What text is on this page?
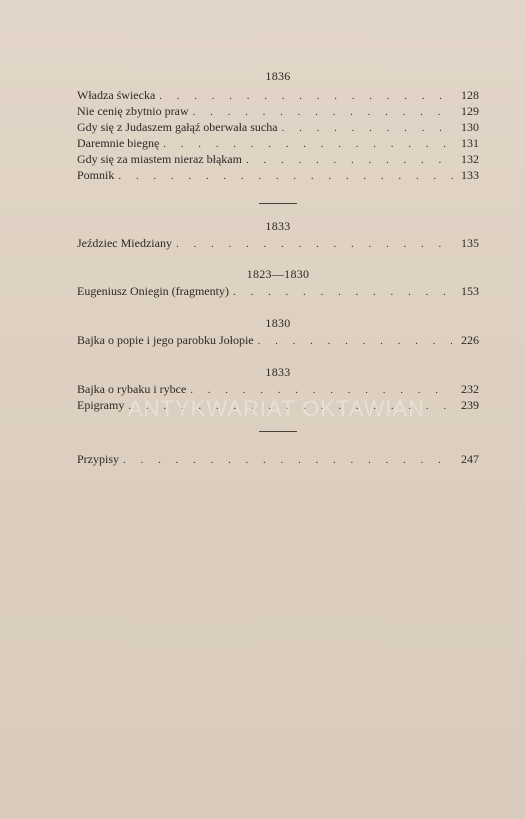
1836
Władza świecka . . .	128
Nie cenię zbytnio praw . . .	129
Gdy się z Judaszem gałąź oberwała sucha . . .	130
Daremnie biegnę . . .	131
Gdy się za miastem nieraz błąkam . . .	132
Pomnik . . .	133
1833
Jeździec Miedziany . . .	135
1823—1830
Eugeniusz Oniegin (fragmenty) . . .	153
1830
Bajka o popie i jego parobku Jołopie . . .	226
1833
Bajka o rybaku i rybce . . .	232
Epigramy . . .	239
Przypisy . . .	247
ANTYKWARIAT OKTAWIAN
